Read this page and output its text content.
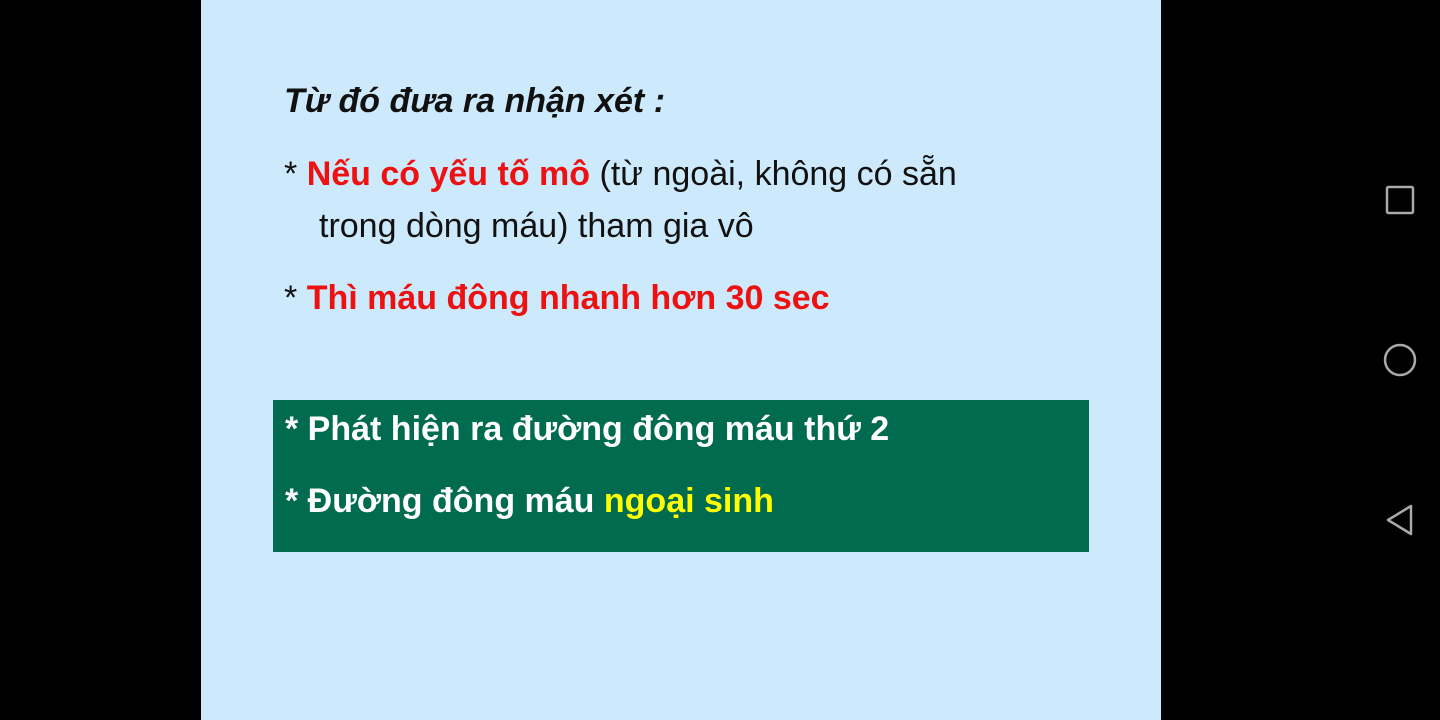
Từ đó đưa ra nhận xét :
* Nếu có yếu tố mô (từ ngoài, không có sẵn
trong dòng máu) tham gia vô
* Thì máu đông nhanh hơn 30 sec
* Phát hiện ra đường đông máu thứ 2
* Đường đông máu ngoại sinh
